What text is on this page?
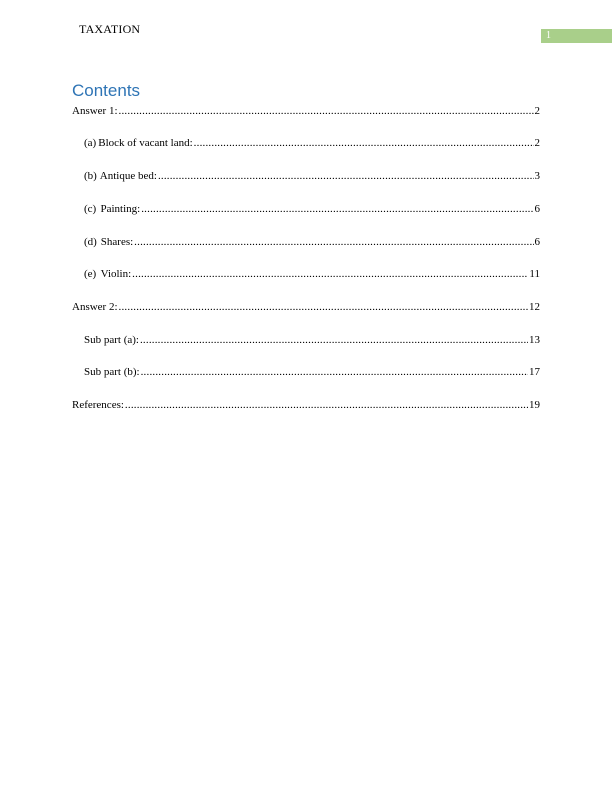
TAXATION	1
Contents
Answer 1: .....	2
(a) Block of vacant land: .....	2
(b) Antique bed: .....	3
(c) Painting: .....	6
(d) Shares: .....	6
(e) Violin: .....	11
Answer 2: .....	12
Sub part (a): .....	13
Sub part (b): .....	17
References: .....	19
